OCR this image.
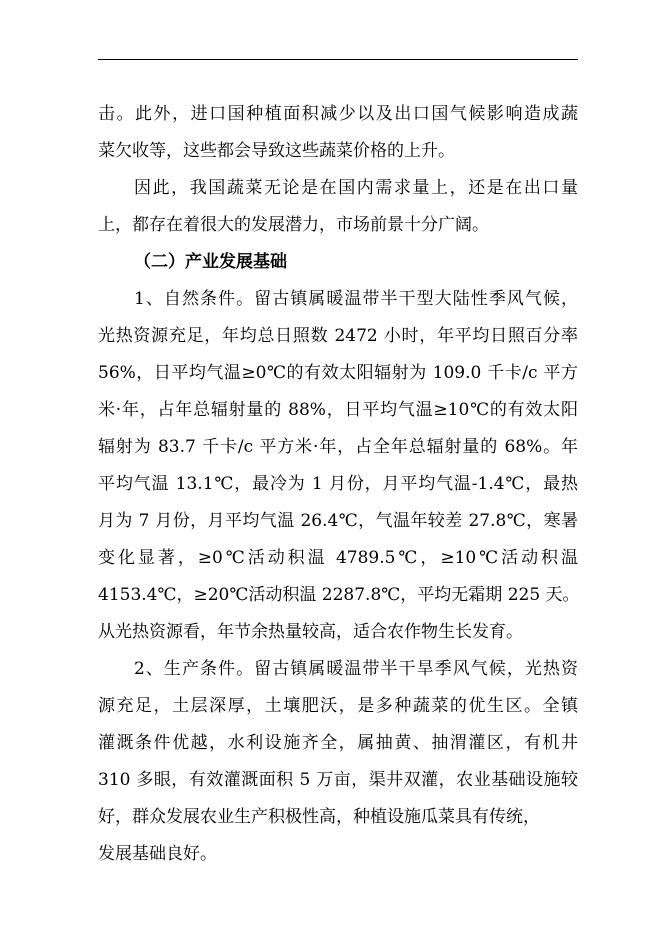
击。此外，进口国种植面积减少以及出口国气候影响造成蔬
菜欠收等，这些都会导致这些蔬菜价格的上升。
因此，我国蔬菜无论是在国内需求量上，还是在出口量
上，都存在着很大的发展潜力，市场前景十分广阔。
（二）产业发展基础
1、自然条件。留古镇属暖温带半干型大陆性季风气候，
光热资源充足，年均总日照数 2472 小时，年平均日照百分率
56%，日平均气温≥0℃的有效太阳辐射为 109.0 千卡/c 平方
米·年，占年总辐射量的 88%，日平均气温≥10℃的有效太阳
辐射为 83.7 千卡/c 平方米·年，占全年总辐射量的 68%。年
平均气温 13.1℃，最冷为 1 月份，月平均气温-1.4℃，最热
月为 7 月份，月平均气温 26.4℃，气温年较差 27.8℃，寒暑
变化显著，≥0℃活动积温 4789.5℃，≥10℃活动积温
4153.4℃，≥20℃活动积温 2287.8℃，平均无霜期 225 天。
从光热资源看，年节余热量较高，适合农作物生长发育。
2、生产条件。留古镇属暖温带半干旱季风气候，光热资
源充足，土层深厚，土壤肥沃，是多种蔬菜的优生区。全镇
灌溉条件优越，水利设施齐全，属抽黄、抽渭灌区，有机井
310 多眼，有效灌溉面积 5 万亩，渠井双灌，农业基础设施较
好，群众发展农业生产积极性高，种植设施瓜菜具有传统，
发展基础良好。
